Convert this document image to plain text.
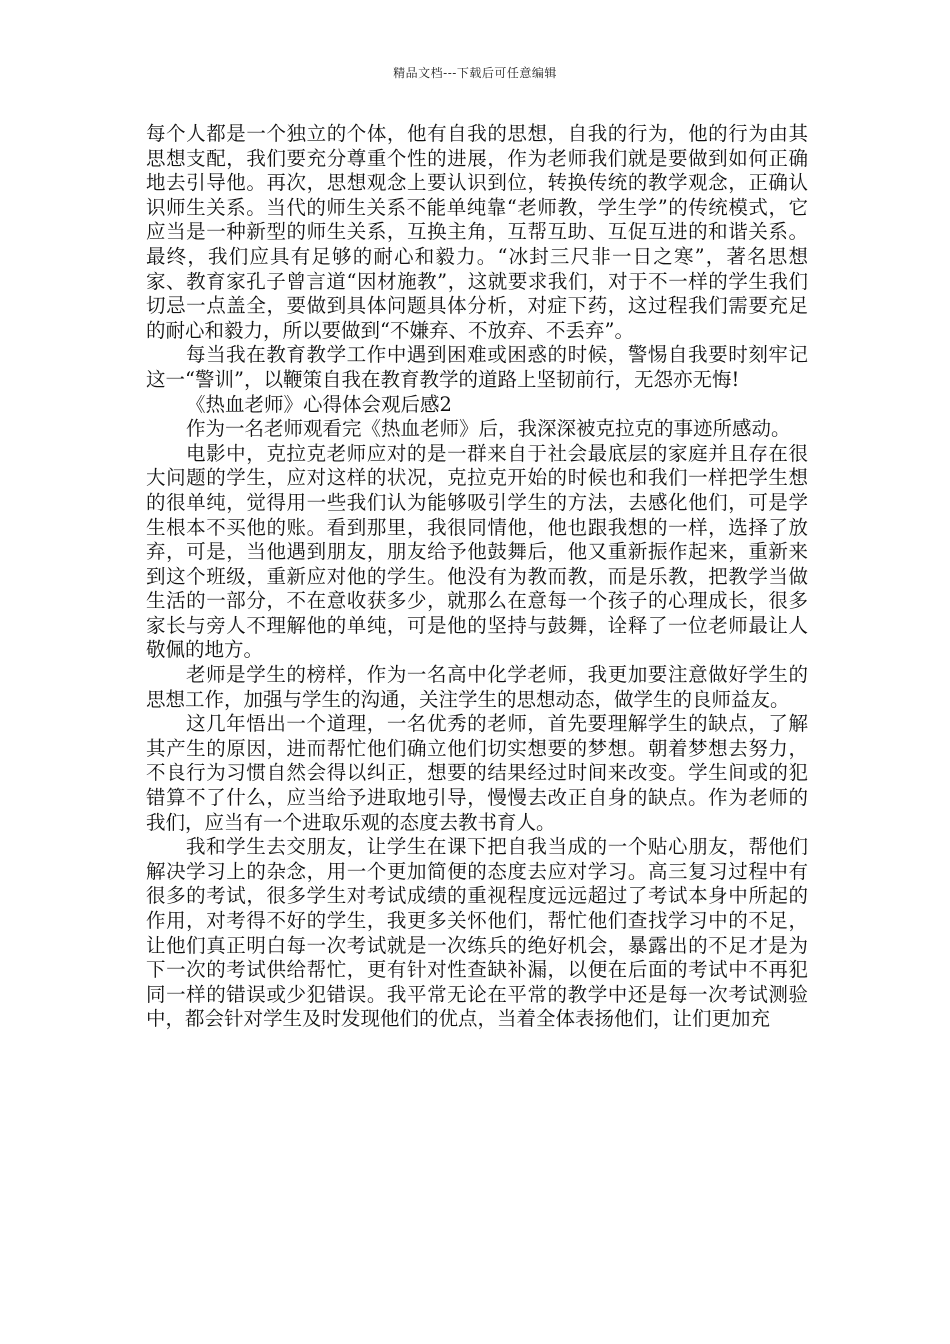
精品文档---下载后可任意编辑

每个人都是一个独立的个体，他有自我的思想，自我的行为，他的行为由其思想支配，我们要充分尊重个性的进展，作为老师我们就是要做到如何正确地去引导他。再次，思想观念上要认识到位，转换传统的教学观念，正确认识师生关系。当代的师生关系不能单纯靠“老师教，学生学”的传统模式，它应当是一种新型的师生关系，互换主角，互帮互助、互促互进的和谐关系。最终，我们应具有足够的耐心和毅力。“冰封三尺非一日之寒”，著名思想家、教育家孔子曾言道“因材施教”，这就要求我们，对于不一样的学生我们切忌一点盖全，要做到具体问题具体分析，对症下药，这过程我们需要充足的耐心和毅力，所以要做到“不嫌弃、不放弃、不丢弃”。

每当我在教育教学工作中遇到困难或困惑的时候，警惕自我要时刻牢记这一“警训”，以鞭策自我在教育教学的道路上坚韧前行，无怨亦无悔!

《热血老师》心得体会观后感2

作为一名老师观看完《热血老师》后，我深深被克拉克的事迹所感动。

电影中，克拉克老师应对的是一群来自于社会最底层的家庭并且存在很大问题的学生，应对这样的状况，克拉克开始的时候也和我们一样把学生想的很单纯，觉得用一些我们认为能够吸引学生的方法，去感化他们，可是学生根本不买他的账。看到那里，我很同情他，他也跟我想的一样，选择了放弃，可是，当他遇到朋友，朋友给予他鼓舞后，他又重新振作起来，重新来到这个班级，重新应对他的学生。他没有为教而教，而是乐教，把教学当做生活的一部分，不在意收获多少，就那么在意每一个孩子的心理成长，很多家长与旁人不理解他的单纯，可是他的坚持与鼓舞，诠释了一位老师最让人敬佩的地方。

老师是学生的榜样，作为一名高中化学老师，我更加要注意做好学生的思想工作，加强与学生的沟通，关注学生的思想动态，做学生的良师益友。

这几年悟出一个道理，一名优秀的老师，首先要理解学生的缺点，了解其产生的原因，进而帮忙他们确立他们切实想要的梦想。朝着梦想去努力，不良行为习惯自然会得以纠正，想要的结果经过时间来改变。学生间或的犯错算不了什么，应当给予进取地引导，慢慢去改正自身的缺点。作为老师的我们，应当有一个进取乐观的态度去教书育人。

我和学生去交朋友，让学生在课下把自我当成的一个贴心朋友，帮他们解决学习上的杂念，用一个更加简便的态度去应对学习。高三复习过程中有很多的考试，很多学生对考试成绩的重视程度远远超过了考试本身中所起的作用，对考得不好的学生，我更多关怀他们，帮忙他们查找学习中的不足，让他们真正明白每一次考试就是一次练兵的绝好机会，暴露出的不足才是为下一次的考试供给帮忙，更有针对性查缺补漏，以便在后面的考试中不再犯同一样的错误或少犯错误。我平常无论在平常的教学中还是每一次考试测验中，都会针对学生及时发现他们的优点，当着全体表扬他们，让们更加充
